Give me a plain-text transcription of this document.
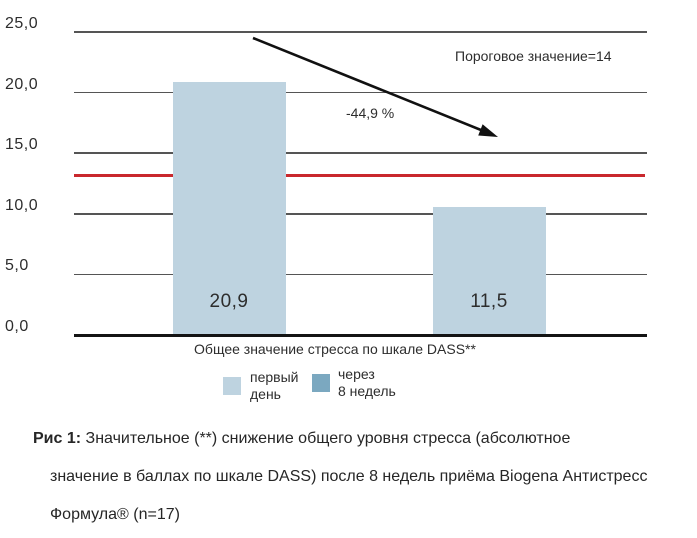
Пороговое значение=14
-44,9 %
Общее значение стресса по шкале DASS**
0,0
5,0
10,0
15,0
20,0
25,0
20,9	11,5
первый
день
через
8 недель
Рис 1: Значительное (**) снижение общего уровня стресса (абсолютное
значение в баллах по шкале DASS) после 8 недель приёма Biogena Антистресс
Формула® (n=17)
